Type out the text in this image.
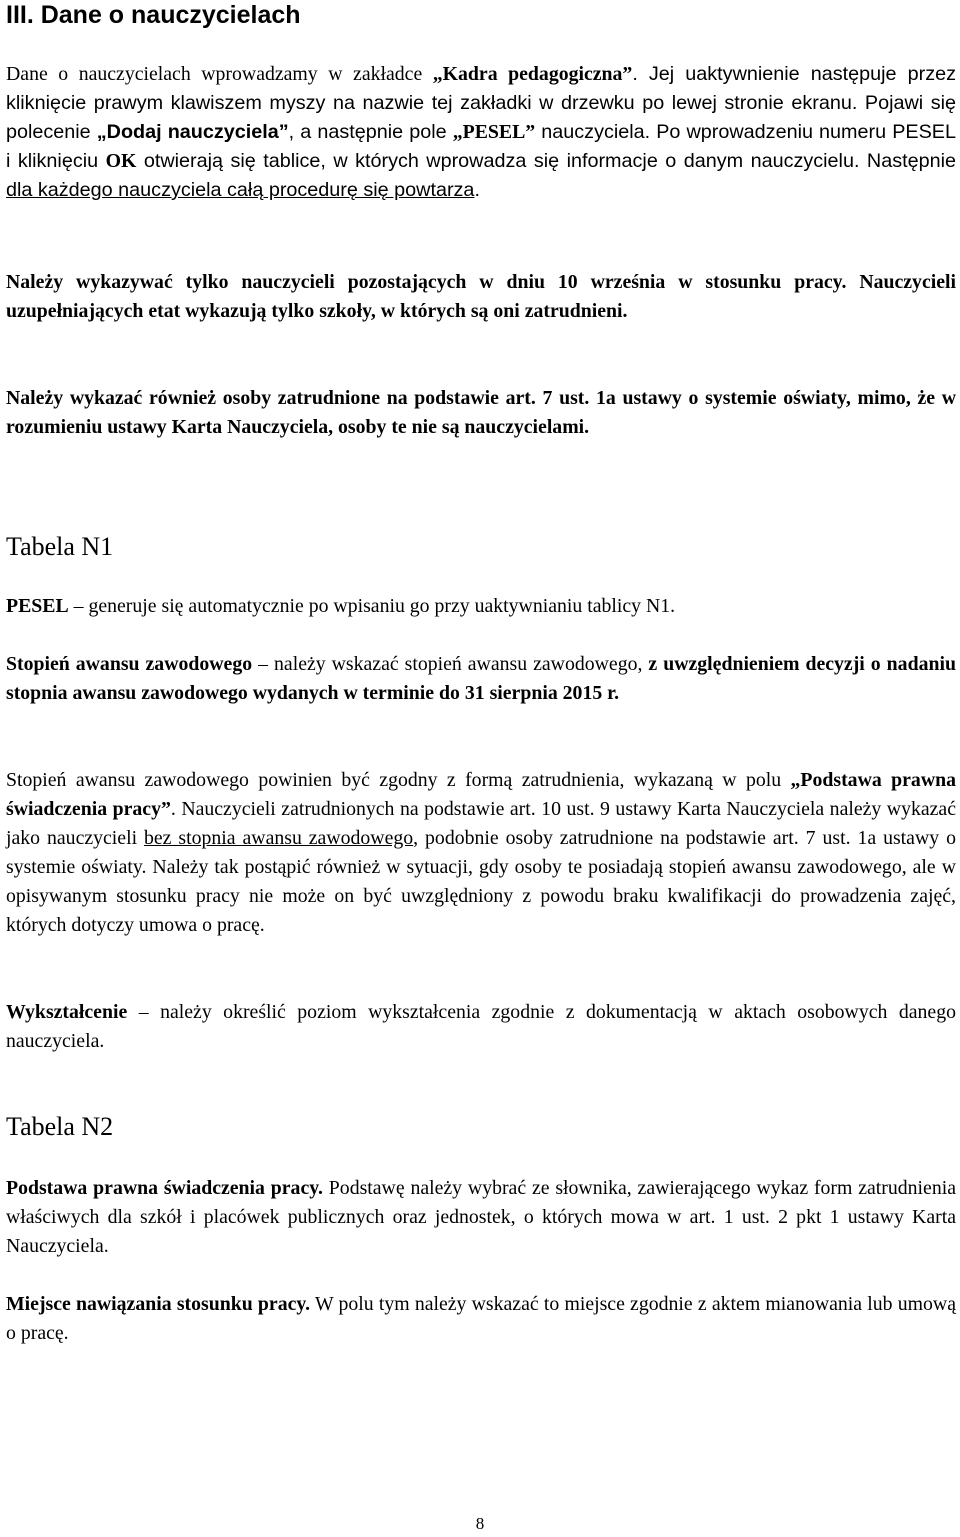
III. Dane o nauczycielach

Dane o nauczycielach wprowadzamy w zakładce „Kadra pedagogiczna”. Jej uaktywnienie następuje przez kliknięcie prawym klawiszem myszy na nazwie tej zakładki w drzewku po lewej stronie ekranu. Pojawi się polecenie „Dodaj nauczyciela”, a następnie pole „PESEL” nauczyciela. Po wprowadzeniu numeru PESEL i kliknięciu OK otwierają się tablice, w których wprowadza się informacje o danym nauczycielu. Następnie dla każdego nauczyciela całą procedurę się powtarza.

Należy wykazywać tylko nauczycieli pozostających w dniu 10 września w stosunku pracy. Nauczycieli uzupełniających etat wykazują tylko szkoły, w których są oni zatrudnieni.

Należy wykazać również osoby zatrudnione na podstawie art. 7 ust. 1a ustawy o systemie oświaty, mimo, że w rozumieniu ustawy Karta Nauczyciela, osoby te nie są nauczycielami.

Tabela N1

PESEL – generuje się automatycznie po wpisaniu go przy uaktywnianiu tablicy N1.

Stopień awansu zawodowego – należy wskazać stopień awansu zawodowego, z uwzględnieniem decyzji o nadaniu stopnia awansu zawodowego wydanych w terminie do 31 sierpnia 2015 r.

Stopień awansu zawodowego powinien być zgodny z formą zatrudnienia, wykazaną w polu „Podstawa prawna świadczenia pracy”. Nauczycieli zatrudnionych na podstawie art. 10 ust. 9 ustawy Karta Nauczyciela należy wykazać jako nauczycieli bez stopnia awansu zawodowego, podobnie osoby zatrudnione na podstawie art. 7 ust. 1a ustawy o systemie oświaty. Należy tak postąpić również w sytuacji, gdy osoby te posiadają stopień awansu zawodowego, ale w opisywanym stosunku pracy nie może on być uwzględniony z powodu braku kwalifikacji do prowadzenia zajęć, których dotyczy umowa o pracę.

Wykształcenie – należy określić poziom wykształcenia zgodnie z dokumentacją w aktach osobowych danego nauczyciela.

Tabela N2

Podstawa prawna świadczenia pracy. Podstawę należy wybrać ze słownika, zawierającego wykaz form zatrudnienia właściwych dla szkół i placówek publicznych oraz jednostek, o których mowa w art. 1 ust. 2 pkt 1 ustawy Karta Nauczyciela.

Miejsce nawiązania stosunku pracy. W polu tym należy wskazać to miejsce zgodnie z aktem mianowania lub umową o pracę.

8
